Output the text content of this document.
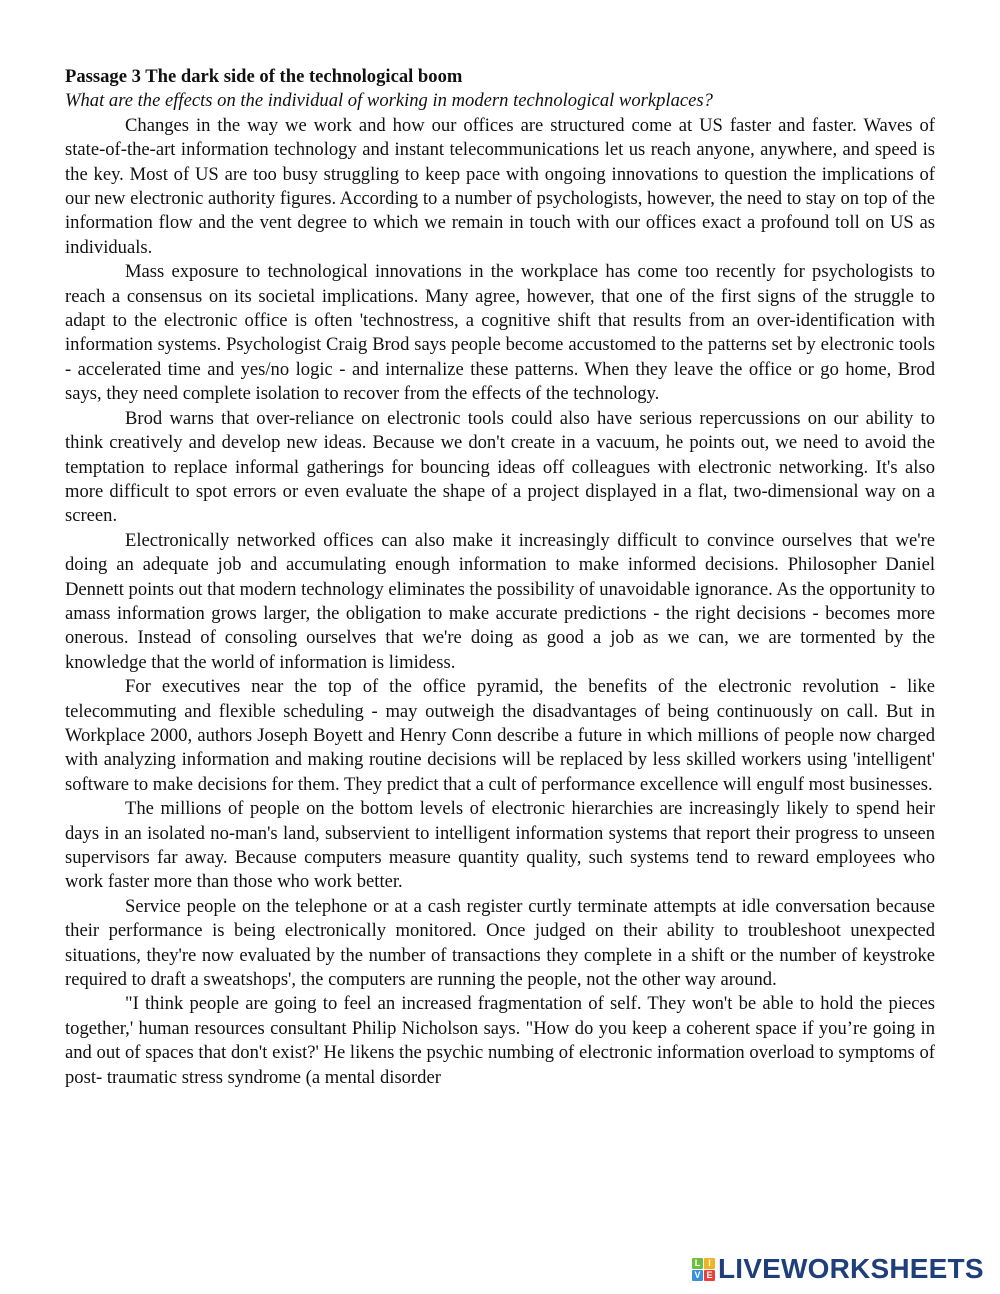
Passage 3 The dark side of the technological boom

What are the effects on the individual of working in modern technological workplaces?

Changes in the way we work and how our offices are structured come at US faster and faster. Waves of state-of-the-art information technology and instant telecommunications let us reach anyone, anywhere, and speed is the key. Most of US are too busy struggling to keep pace with ongoing innovations to question the implications of our new electronic authority figures. According to a number of psychologists, however, the need to stay on top of the information flow and the vent degree to which we remain in touch with our offices exact a profound toll on US as individuals.

Mass exposure to technological innovations in the workplace has come too recently for psychologists to reach a consensus on its societal implications. Many agree, however, that one of the first signs of the struggle to adapt to the electronic office is often 'technostress, a cognitive shift that results from an over-identification with information systems. Psychologist Craig Brod says people become accustomed to the patterns set by electronic tools - accelerated time and yes/no logic - and internalize these patterns. When they leave the office or go home, Brod says, they need complete isolation to recover from the effects of the technology.

Brod warns that over-reliance on electronic tools could also have serious repercussions on our ability to think creatively and develop new ideas. Because we don't create in a vacuum, he points out, we need to avoid the temptation to replace informal gatherings for bouncing ideas off colleagues with electronic networking. It's also more difficult to spot errors or even evaluate the shape of a project displayed in a flat, two-dimensional way on a screen.

Electronically networked offices can also make it increasingly difficult to convince ourselves that we're doing an adequate job and accumulating enough information to make informed decisions. Philosopher Daniel Dennett points out that modern technology eliminates the possibility of unavoidable ignorance. As the opportunity to amass information grows larger, the obligation to make accurate predictions - the right decisions - becomes more onerous. Instead of consoling ourselves that we're doing as good a job as we can, we are tormented by the knowledge that the world of information is limidess.

For executives near the top of the office pyramid, the benefits of the electronic revolution - like telecommuting and flexible scheduling - may outweigh the disadvantages of being continuously on call. But in Workplace 2000, authors Joseph Boyett and Henry Conn describe a future in which millions of people now charged with analyzing information and making routine decisions will be replaced by less skilled workers using 'intelligent' software to make decisions for them. They predict that a cult of performance excellence will engulf most businesses.

The millions of people on the bottom levels of electronic hierarchies are increasingly likely to spend heir days in an isolated no-man's land, subservient to intelligent information systems that report their progress to unseen supervisors far away. Because computers measure quantity quality, such systems tend to reward employees who work faster more than those who work better.

Service people on the telephone or at a cash register curtly terminate attempts at idle conversation because their performance is being electronically monitored. Once judged on their ability to troubleshoot unexpected situations, they're now evaluated by the number of transactions they complete in a shift or the number of keystroke required to draft a sweatshops', the computers are running the people, not the other way around.

"I think people are going to feel an increased fragmentation of self. They won't be able to hold the pieces together,' human resources consultant Philip Nicholson says. "How do you keep a coherent space if you’re going in and out of spaces that don't exist?' He likens the psychic numbing of electronic information overload to symptoms of post- traumatic stress syndrome (a mental disorder

L I
V E LIVEWORKSHEETS
